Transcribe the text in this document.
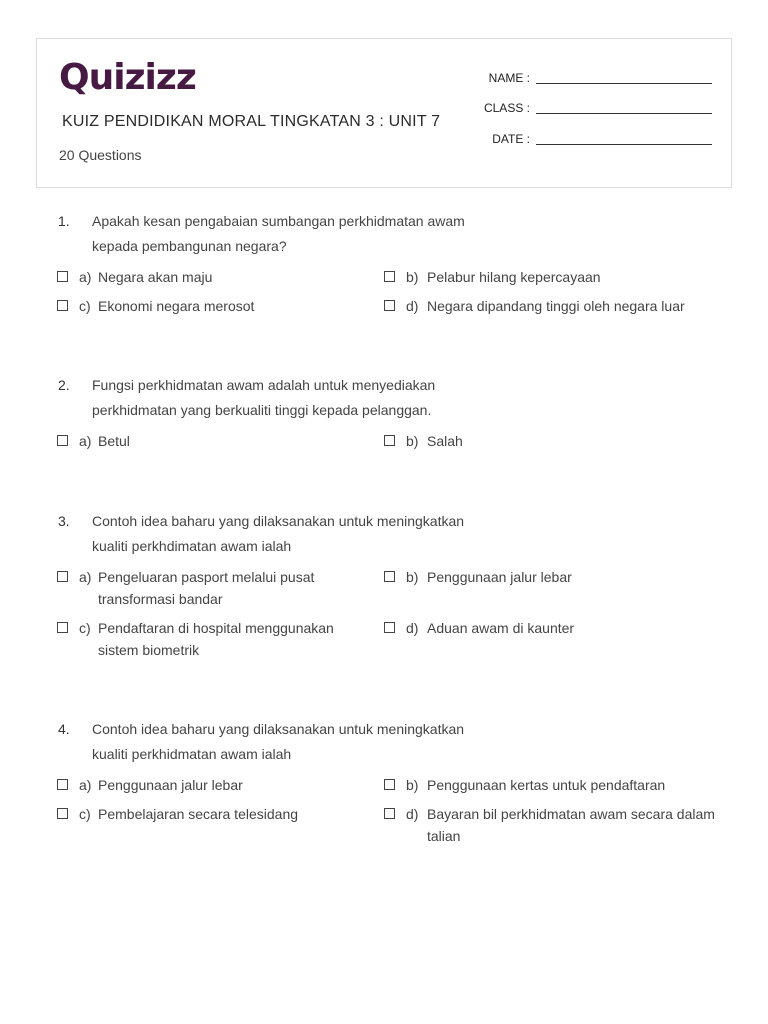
Quizizz
KUIZ PENDIDIKAN MORAL TINGKATAN 3 : UNIT 7
20 Questions
NAME :
CLASS :
DATE :
1. Apakah kesan pengabaian sumbangan perkhidmatan awam kepada pembangunan negara?
a) Negara akan maju	b) Pelabur hilang kepercayaan
c) Ekonomi negara merosot	d) Negara dipandang tinggi oleh negara luar
2. Fungsi perkhidmatan awam adalah untuk menyediakan perkhidmatan yang berkualiti tinggi kepada pelanggan.
a) Betul	b) Salah
3. Contoh idea baharu yang dilaksanakan untuk meningkatkan kualiti perkhdimatan awam ialah
a) Pengeluaran pasport melalui pusat transformasi bandar
b) Penggunaan jalur lebar
c) Pendaftaran di hospital menggunakan sistem biometrik
d) Aduan awam di kaunter
4. Contoh idea baharu yang dilaksanakan untuk meningkatkan kualiti perkhidmatan awam ialah
a) Penggunaan jalur lebar	b) Penggunaan kertas untuk pendaftaran
c) Pembelajaran secara telesidang	d) Bayaran bil perkhidmatan awam secara dalam talian
